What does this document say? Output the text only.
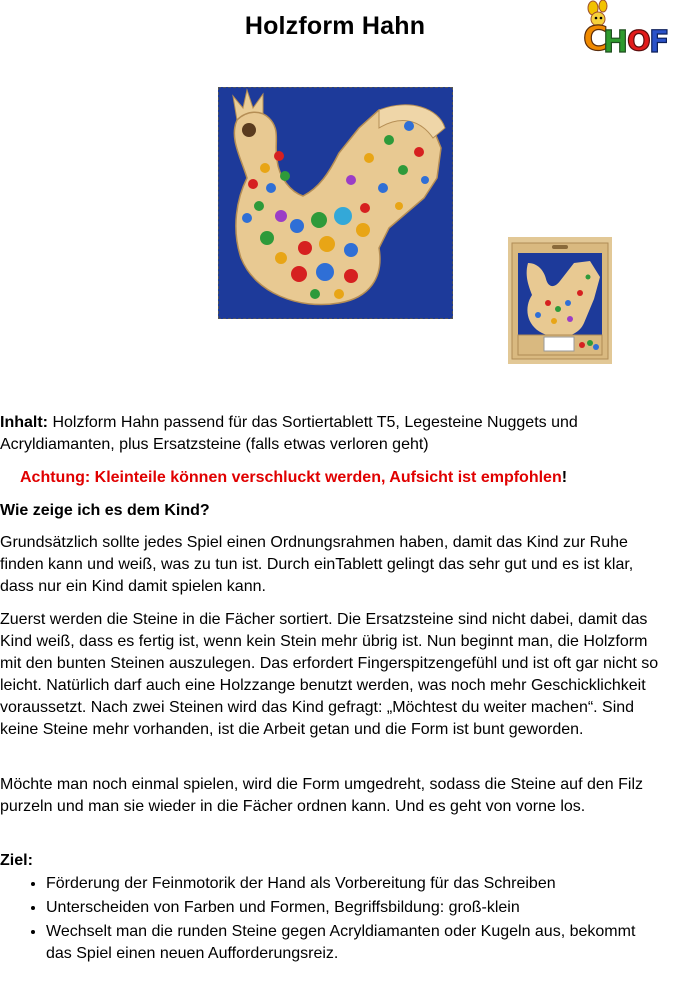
Holzform Hahn	C
H
O
F

Inhalt: Holzform Hahn passend für das Sortiertablett T5, Legesteine Nuggets und Acryldiamanten, plus Ersatzsteine (falls etwas verloren geht)

Achtung: Kleinteile können verschluckt werden, Aufsicht ist empfohlen!

Wie zeige ich es dem Kind?

Grundsätzlich sollte jedes Spiel einen Ordnungsrahmen haben, damit das Kind zur Ruhe finden kann und weiß, was zu tun ist. Durch einTablett gelingt das sehr gut und es ist klar, dass nur ein Kind damit spielen kann.

Zuerst werden die Steine in die Fächer sortiert. Die Ersatzsteine sind nicht dabei, damit das Kind weiß, dass es fertig ist, wenn kein Stein mehr übrig ist. Nun beginnt man, die Holzform mit den bunten Steinen auszulegen. Das erfordert Fingerspitzengefühl und ist oft gar nicht so leicht. Natürlich darf auch eine Holzzange benutzt werden, was noch mehr Geschicklichkeit voraussetzt. Nach zwei Steinen wird das Kind gefragt: „Möchtest du weiter machen“. Sind keine Steine mehr vorhanden, ist die Arbeit getan und die Form ist bunt geworden.

Möchte man noch einmal spielen, wird die Form umgedreht, sodass die Steine auf den Filz purzeln und man sie wieder in die Fächer ordnen kann. Und es geht von vorne los.

Ziel:

• Förderung der Feinmotorik der Hand als Vorbereitung für das Schreiben
• Unterscheiden von Farben und Formen, Begriffsbildung: groß-klein
• Wechselt man die runden Steine gegen Acryldiamanten oder Kugeln aus, bekommt das Spiel einen neuen Aufforderungsreiz.
